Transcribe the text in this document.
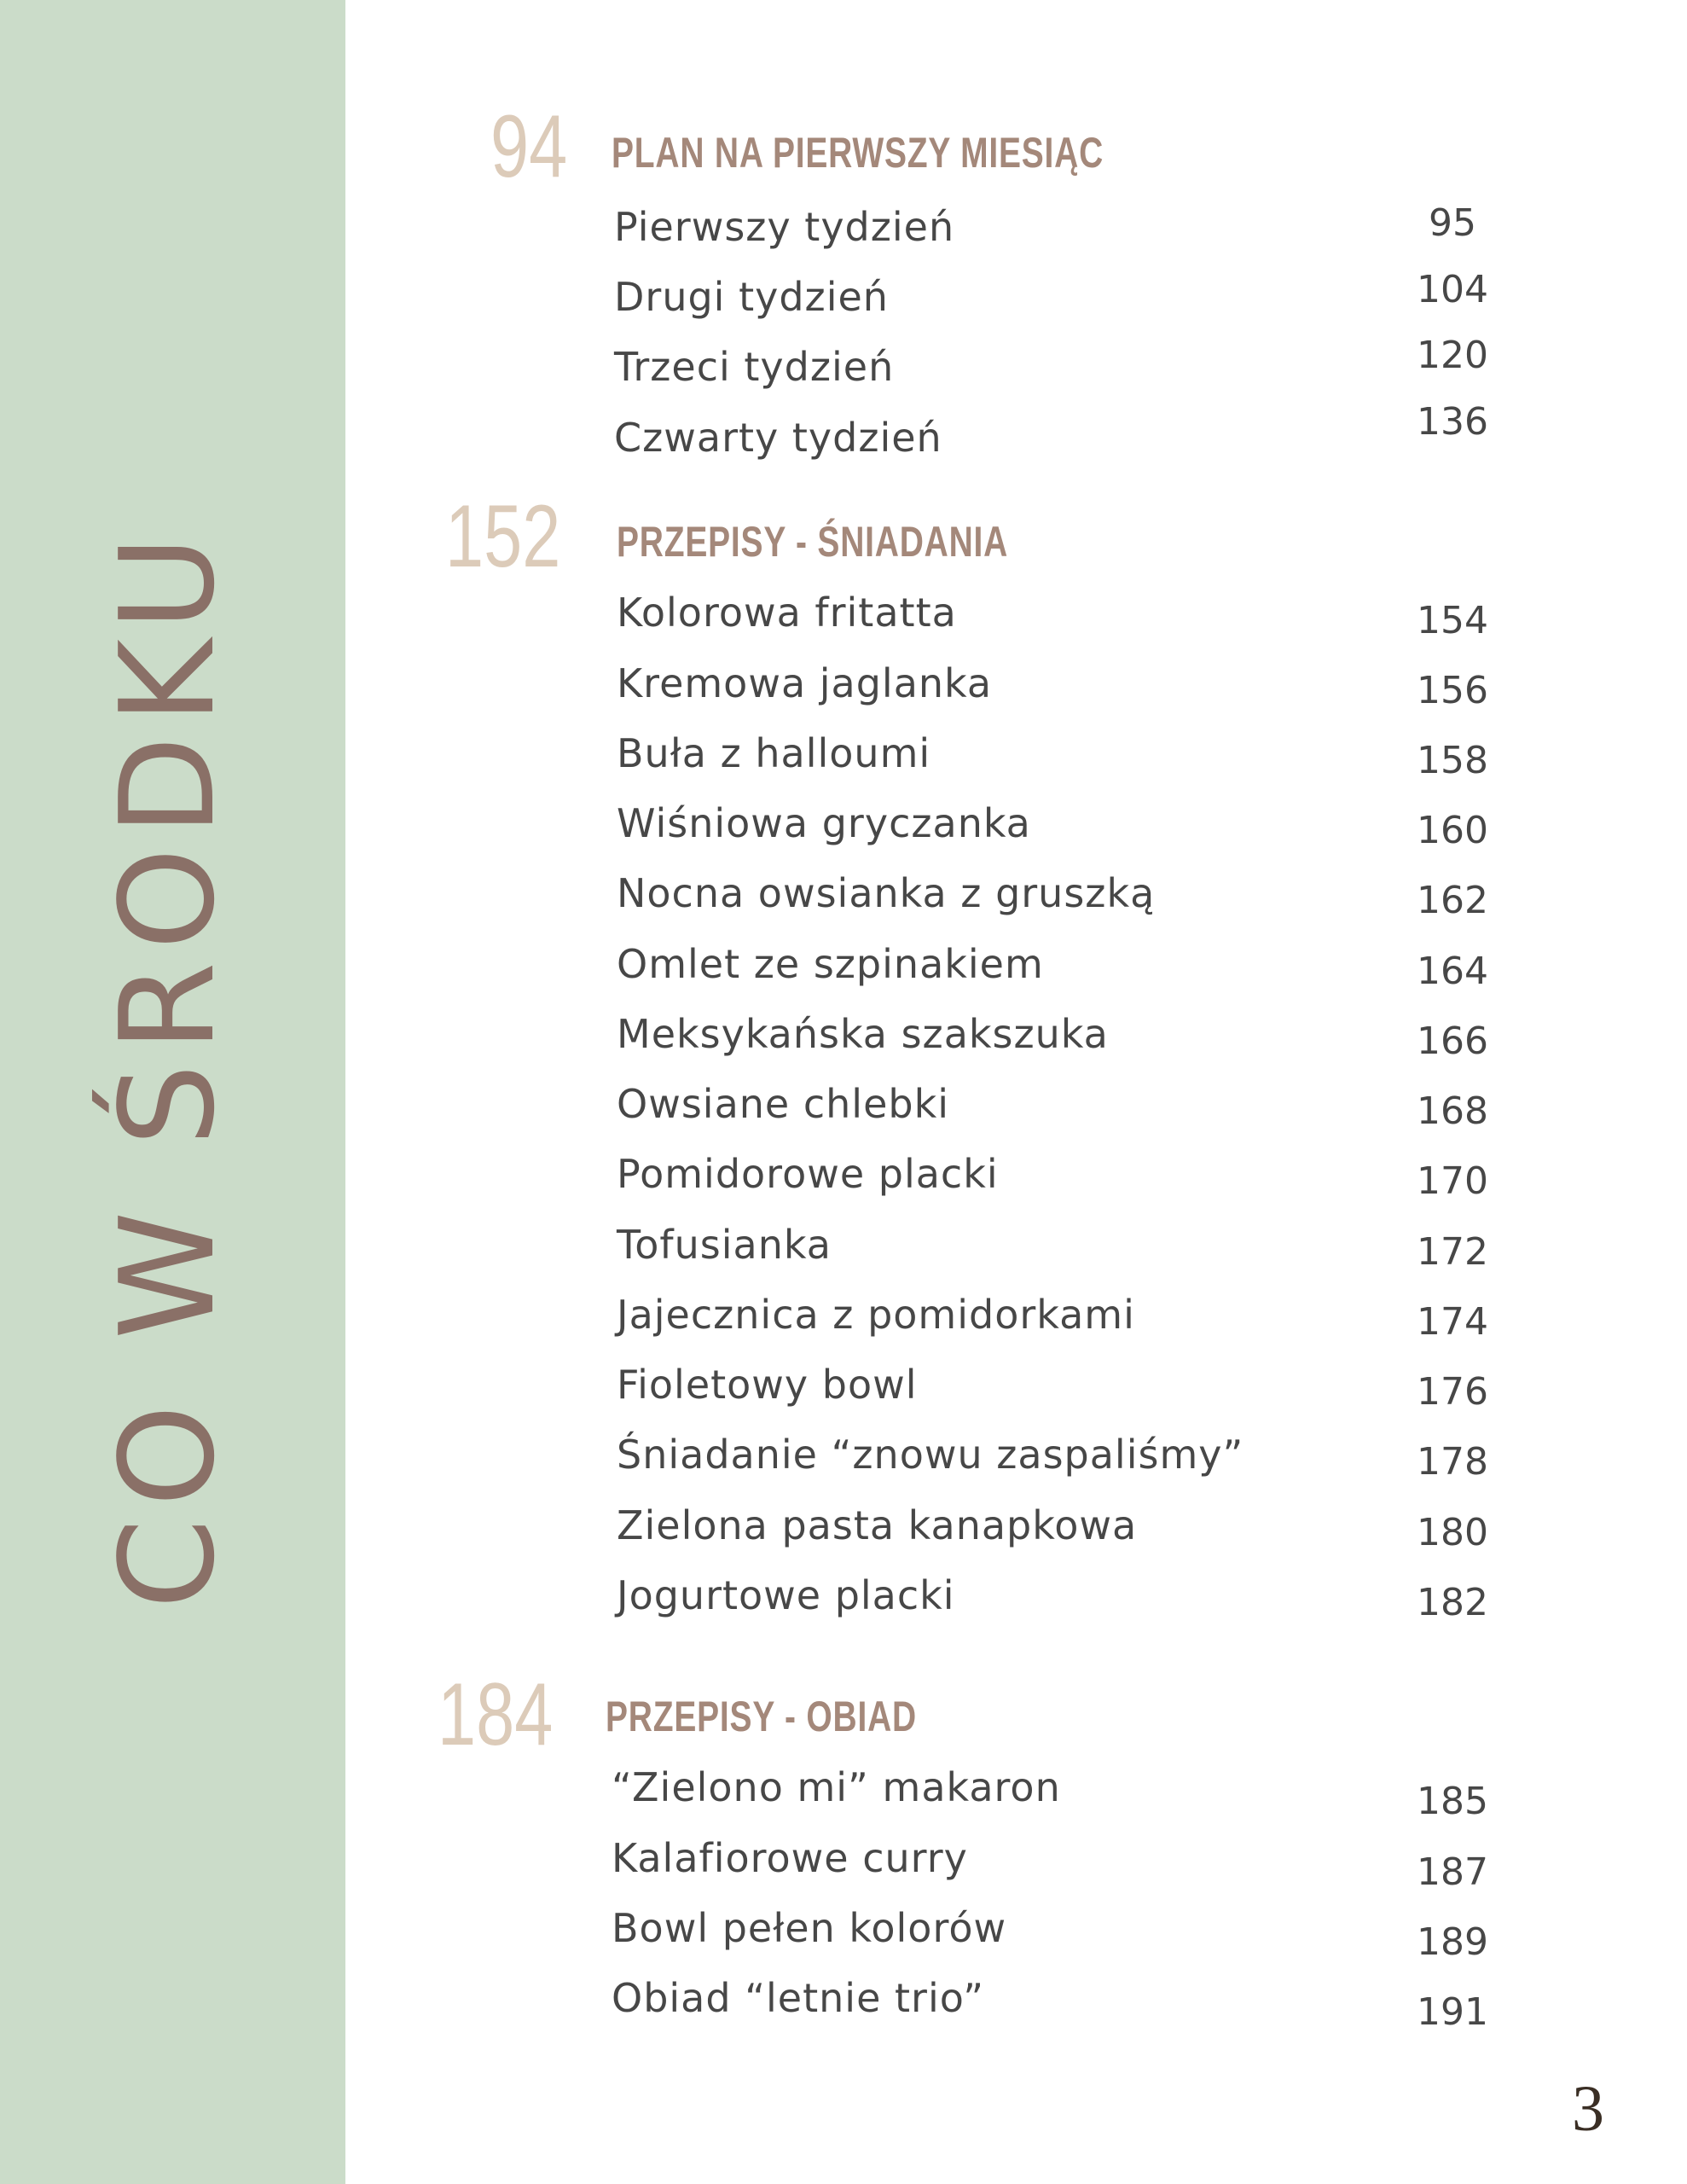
CO W ŚRODKU
94 PLAN NA PIERWSZY MIESIĄC
Pierwszy tydzień	95
Drugi tydzień	104
Trzeci tydzień	120
Czwarty tydzień	136
152 PRZEPISY - ŚNIADANIA
Kolorowa fritatta	154
Kremowa jaglanka	156
Buła z halloumi	158
Wiśniowa gryczanka	160
Nocna owsianka z gruszką	162
Omlet ze szpinakiem	164
Meksykańska szakszuka	166
Owsiane chlebki	168
Pomidorowe placki	170
Tofusianka	172
Jajecznica z pomidorkami	174
Fioletowy bowl	176
Śniadanie “znowu zaspaliśmy”	178
Zielona pasta kanapkowa	180
Jogurtowe placki	182
184 PRZEPISY - OBIAD
“Zielono mi” makaron	185
Kalafiorowe curry	187
Bowl pełen kolorów	189
Obiad “letnie trio”	191
3
